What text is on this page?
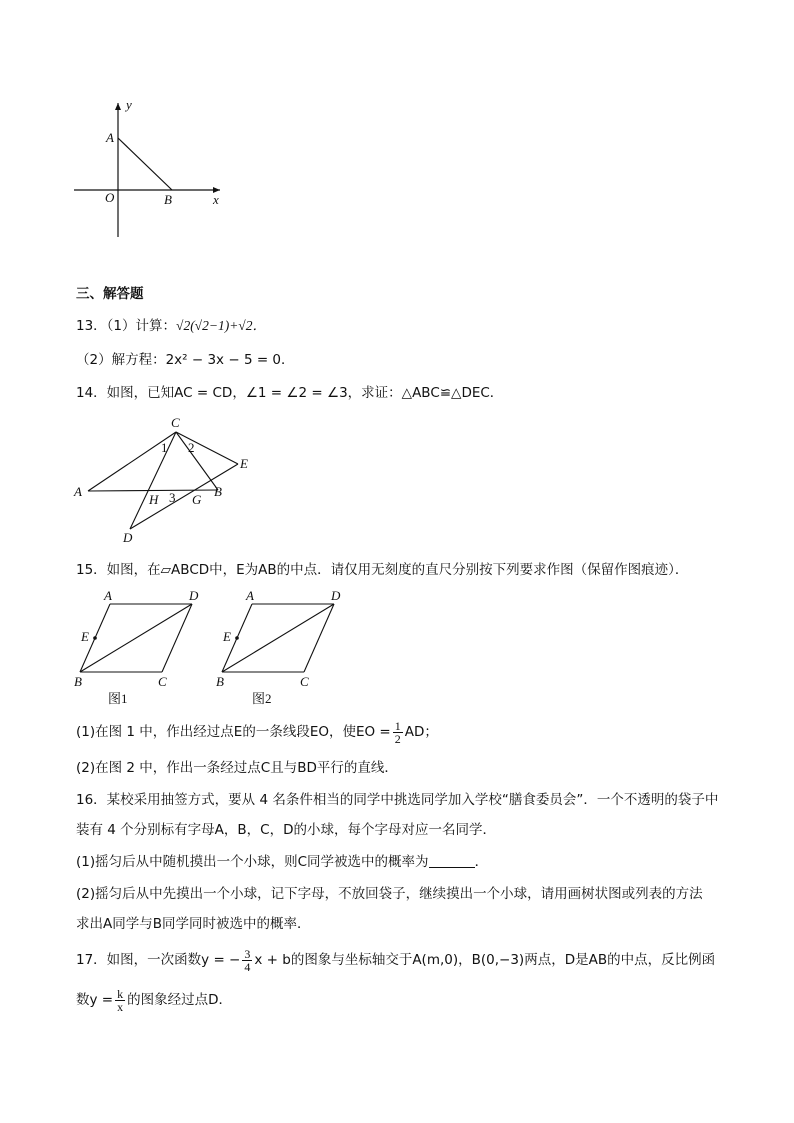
y
A
O	B	x
三、解答题
13．（1）计算：√2(√2−1)+√2．
（2）解方程：2x² − 3x − 5 = 0．
14．如图，已知AC = CD，∠1 = ∠2 = ∠3，求证：△ABC≌△DEC．
C
1 2
E
A
H 3 G
B
D
15．如图，在▱ABCD中，E为AB的中点．请仅用无刻度的直尺分别按下列要求作图（保留作图痕迹）．
A	D
E
B	C
图1
A	D
E
B	C
图2
(1)在图 1 中，作出经过点E的一条线段EO，使EO = $\frac{1}{2}$ AD；
(2)在图 2 中，作出一条经过点C且与BD平行的直线．
16．某校采用抽签方式，要从 4 名条件相当的同学中挑选同学加入学校“膳食委员会”．一个不透明的袋子中
装有 4 个分别标有字母A，B，C，D的小球，每个字母对应一名同学．
(1)摇匀后从中随机摸出一个小球，则C同学被选中的概率为	．
(2)摇匀后从中先摸出一个小球，记下字母，不放回袋子，继续摸出一个小球，请用画树状图或列表的方法
求出A同学与B同学同时被选中的概率．
17．如图，一次函数y = − $\frac{3}{4}$ x + b的图象与坐标轴交于A(m,0)，B(0,−3)两点，D是AB的中点，反比例函
数$y = \frac{k}{x}$ 的图象经过点D．
